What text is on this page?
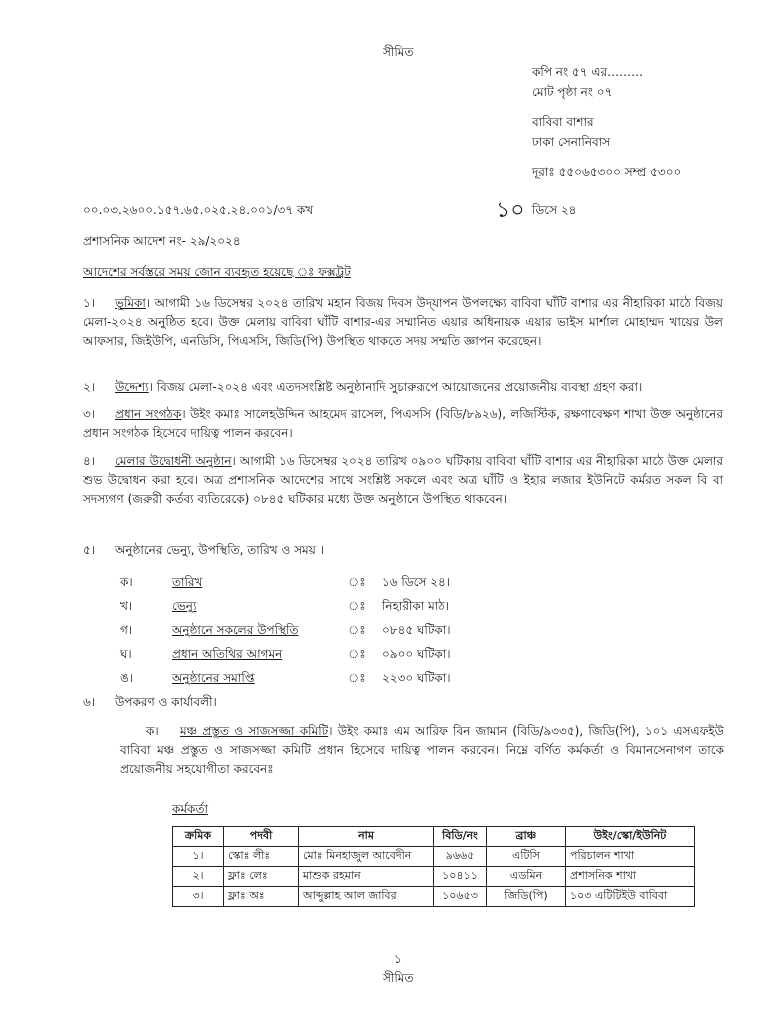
সীমিত
কপি নং ৫৭ এর………
মোট পৃষ্ঠা নং ০৭
বাবিবা বাশার
ঢাকা সেনানিবাস
দূরাঃ ৫৫০৬৫৩০০ সম্প্র ৫৩০০
০০.০৩.২৬০০.১৫৭.৬৫.০২৫.২৪.০০১/৩৭ কখ	১০ ডিসে ২৪
প্রশাসনিক আদেশ নং- ২৯/২০২৪
আদেশের সর্বস্তরে সময় জোন ব্যবহৃত হয়েছে ঃ ফক্সট্রট
১। ভূমিকা। আগামী ১৬ ডিসেম্বর ২০২৪ তারিখ মহান বিজয় দিবস উদ্‌যাপন উপলক্ষ্যে বাবিবা ঘাঁটি বাশার এর নীহারিকা মাঠে বিজয় মেলা-২০২৪ অনুষ্ঠিত হবে। উক্ত মেলায় বাবিবা ঘাঁটি বাশার-এর সম্মানিত এয়ার অধিনায়ক এয়ার ভাইস মার্শাল মোহাম্মদ খায়ের উল আফসার, জিইউপি, এনডিসি, পিএসসি, জিডি(পি) উপস্থিত থাকতে সদয় সম্মতি জ্ঞাপন করেছেন।
২। উদ্দেশ্য। বিজয় মেলা-২০২৪ এবং এতদসংশ্লিষ্ট অনুষ্ঠানাদি সুচারুরূপে আয়োজনের প্রয়োজনীয় ব্যবস্থা গ্রহণ করা।
৩। প্রধান সংগঠক। উইং কমাঃ সালেহউদ্দিন আহমেদ রাসেল, পিএসসি (বিডি/৮৯২৬), লজিস্টিক, রক্ষণাবেক্ষণ শাখা উক্ত অনুষ্ঠানের প্রধান সংগঠক হিসেবে দায়িত্ব পালন করবেন।
৪। মেলার উদ্বোধনী অনুষ্ঠান। আগামী ১৬ ডিসেম্বর ২০২৪ তারিখ ০৯০০ ঘটিকায় বাবিবা ঘাঁটি বাশার এর নীহারিকা মাঠে উক্ত মেলার শুভ উদ্বোধন করা হবে। অত্র প্রশাসনিক আদেশের সাথে সংশ্লিষ্ট সকলে এবং অত্র ঘাঁটি ও ইহার লজার ইউনিটে কর্মরত সকল বি বা সদস্যগণ (জরুরী কর্তব্য ব্যতিরেকে) ০৮৪৫ ঘটিকার মধ্যে উক্ত অনুষ্ঠানে উপস্থিত থাকবেন।
৫। অনুষ্ঠানের ভেন্যু, উপস্থিতি, তারিখ ও সময় ।
ক।	তারিখ	ঃ ১৬ ডিসে ২৪।
খ।	ভেন্যু	ঃ নিহারীকা মাঠ।
গ।	অনুষ্ঠানে সকলের উপস্থিতি	ঃ ০৮৪৫ ঘটিকা।
ঘ।	প্রধান অতিথির আগমন	ঃ ০৯০০ ঘটিকা।
ঙ।	অনুষ্ঠানের সমাপ্তি	ঃ ২২৩০ ঘটিকা।
৬। উপকরণ ও কার্যাবলী।
ক। মঞ্চ প্রস্তুত ও সাজসজ্জা কমিটি। উইং কমাঃ এম আরিফ বিন জামান (বিডি/৯৩৩৫), জিডি(পি), ১০১ এসএফইউ বাবিবা মঞ্চ প্রস্তুত ও সাজসজ্জা কমিটি প্রধান হিসেবে দায়িত্ব পালন করবেন। নিম্নে বর্ণিত কর্মকর্তা ও বিমানসেনাগণ তাকে প্রয়োজনীয় সহযোগীতা করবেনঃ
কর্মকর্তা
ক্রমিক	পদবী	নাম	বিডি/নং	ব্রাঞ্চ	উইং/স্কো/ইউনিট
১।	স্কোঃ লীঃ	মোঃ মিনহাজুল আবেদীন	৯৬৬৫	এটিসি	পরিচালন শাখা
২।	ফ্লাঃ লেঃ	মাশুক রহমান	১০৪১১	এডমিন	প্রশাসনিক শাখা
৩।	ফ্লাঃ অঃ	আব্দুল্লাহ আল জাবির	১০৬৫৩	জিডি(পি)	১০৩ এটিটিইউ বাবিবা
১
সীমিত
